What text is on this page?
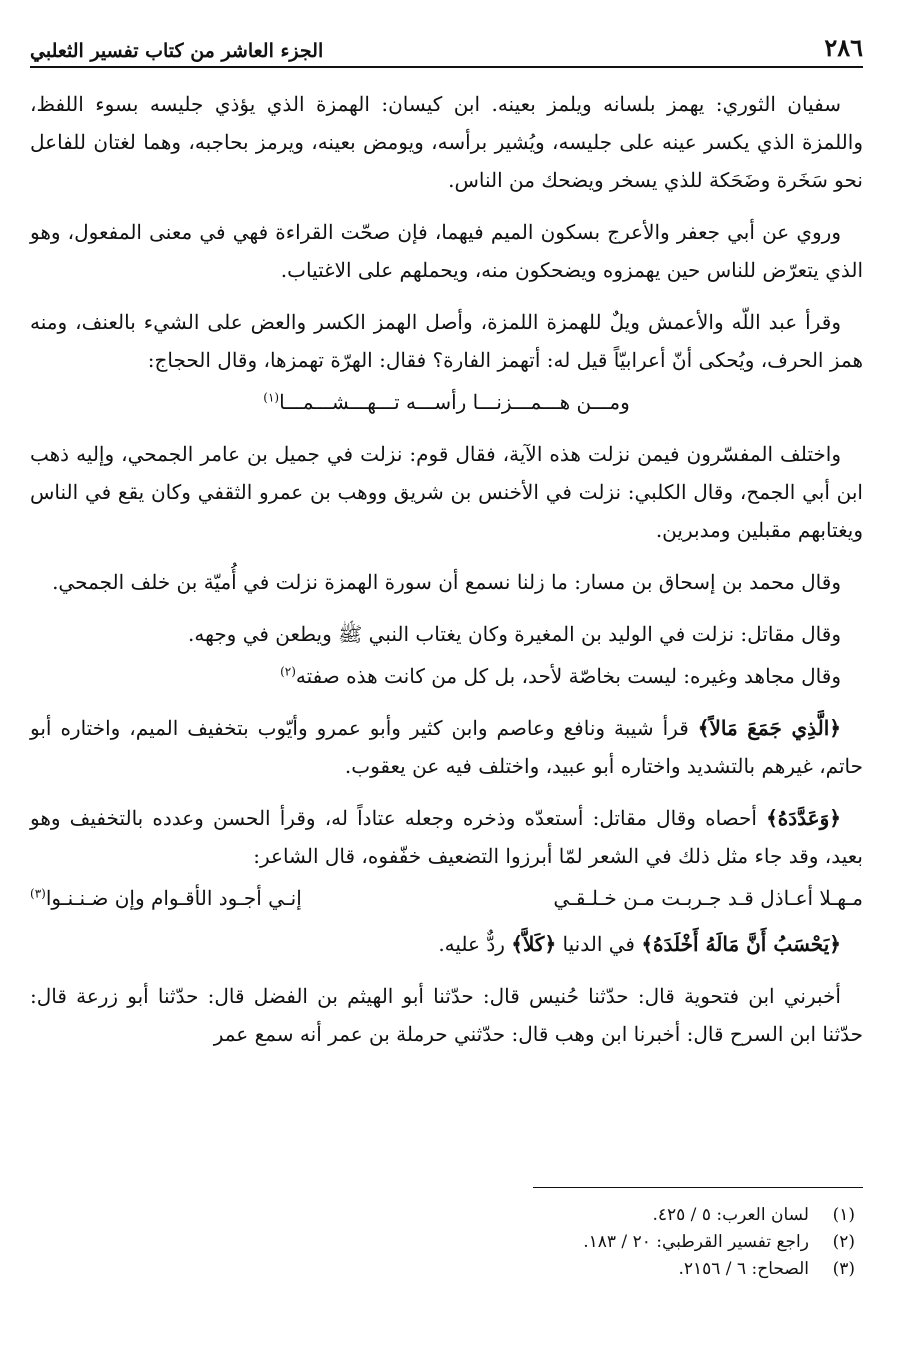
٢٨٦
الجزء العاشر من كتاب تفسير الثعلبي

سفيان الثوري: يهمز بلسانه ويلمز بعينه. ابن كيسان: الهمزة الذي يؤذي جليسه بسوء اللفظ، واللمزة الذي يكسر عينه على جليسه، ويُشير برأسه، ويومض بعينه، ويرمز بحاجبه، وهما لغتان للفاعل نحو سَخَرة وضَحَكة للذي يسخر ويضحك من الناس.

وروي عن أبي جعفر والأعرج بسكون الميم فيهما، فإن صحّت القراءة فهي في معنى المفعول، وهو الذي يتعرّض للناس حين يهمزوه ويضحكون منه، ويحملهم على الاغتياب.

وقرأ عبد اللّه والأعمش ويلٌ للهمزة اللمزة، وأصل الهمز الكسر والعض على الشيء بالعنف، ومنه همز الحرف، ويُحكى أنّ أعرابيّاً قيل له: أتهمز الفارة؟ فقال: الهرّة تهمزها، وقال الحجاج:

ومـــن هـــمـــزنـــا رأســـه تـــهـــشـــمـــا$^{(١)}$

واختلف المفسّرون فيمن نزلت هذه الآية، فقال قوم: نزلت في جميل بن عامر الجمحي، وإليه ذهب ابن أبي الجمح، وقال الكلبي: نزلت في الأخنس بن شريق ووهب بن عمرو الثقفي وكان يقع في الناس ويغتابهم مقبلين ومدبرين.

وقال محمد بن إسحاق بن مسار: ما زلنا نسمع أن سورة الهمزة نزلت في أُميّة بن خلف الجمحي.

وقال مقاتل: نزلت في الوليد بن المغيرة وكان يغتاب النبي ﷺ ويطعن في وجهه.

وقال مجاهد وغيره: ليست بخاصّة لأحد، بل كل من كانت هذه صفته$^{(٢)}$

﴿الَّذِي جَمَعَ مَالاً﴾ قرأ شيبة ونافع وعاصم وابن كثير وأبو عمرو وأيّوب بتخفيف الميم، واختاره أبو حاتم، غيرهم بالتشديد واختاره أبو عبيد، واختلف فيه عن يعقوب.

﴿وَعَدَّدَهُ﴾ أحصاه وقال مقاتل: أستعدّه وذخره وجعله عتاداً له، وقرأ الحسن وعدده بالتخفيف وهو بعيد، وقد جاء مثل ذلك في الشعر لمّا أبرزوا التضعيف خفّفوه، قال الشاعر:

مـهـلا أعـاذل قـد جـربـت مـن خـلـقـي
إنـي أجـود الأقـوام وإن ضـنـنـوا$^{(٣)}$

﴿يَحْسَبُ أَنَّ مَالَهُ أَخْلَدَهُ﴾ في الدنيا ﴿كَلاَّ﴾ ردٌّ عليه.

أخبرني ابن فتحوية قال: حدّثنا حُنيس قال: حدّثنا أبو الهيثم بن الفضل قال: حدّثنا أبو زرعة قال: حدّثنا ابن السرح قال: أخبرنا ابن وهب قال: حدّثني حرملة بن عمر أنه سمع عمر

(١)
لسان العرب: ٥ / ٤٢٥.
(٢)
راجع تفسير القرطبي: ٢٠ / ١٨٣.
(٣)
الصحاح: ٦ / ٢١٥٦.
